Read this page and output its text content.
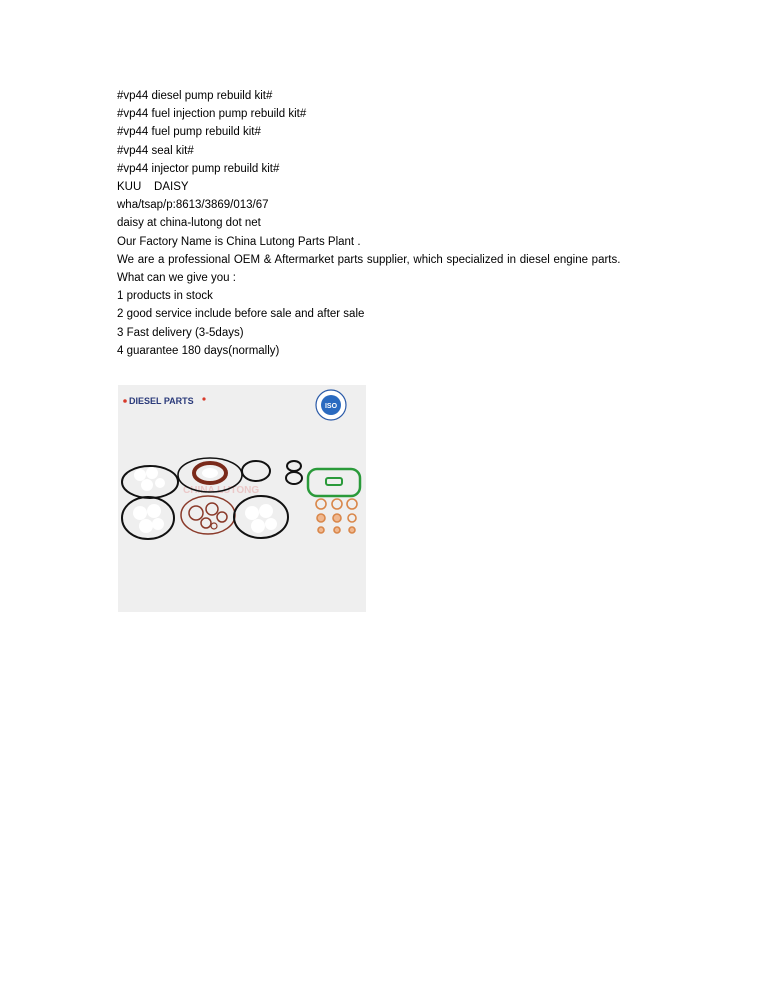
#vp44 diesel pump rebuild kit#

#vp44 fuel injection pump rebuild kit#

#vp44 fuel pump rebuild kit#

#vp44 seal kit#

#vp44 injector pump rebuild kit#

KUU    DAISY

wha/tsap/p:8613/3869/013/67

daisy at china-lutong dot net

Our Factory Name is China Lutong Parts Plant .

We are a professional OEM & Aftermarket parts supplier, which specialized in diesel engine parts.

What can we give you :

1 products in stock

2 good service include before sale and after sale

3 Fast delivery (3-5days)

4 guarantee 180 days(normally)

DIESEL PARTS
ISO
CHINA LUTONG
